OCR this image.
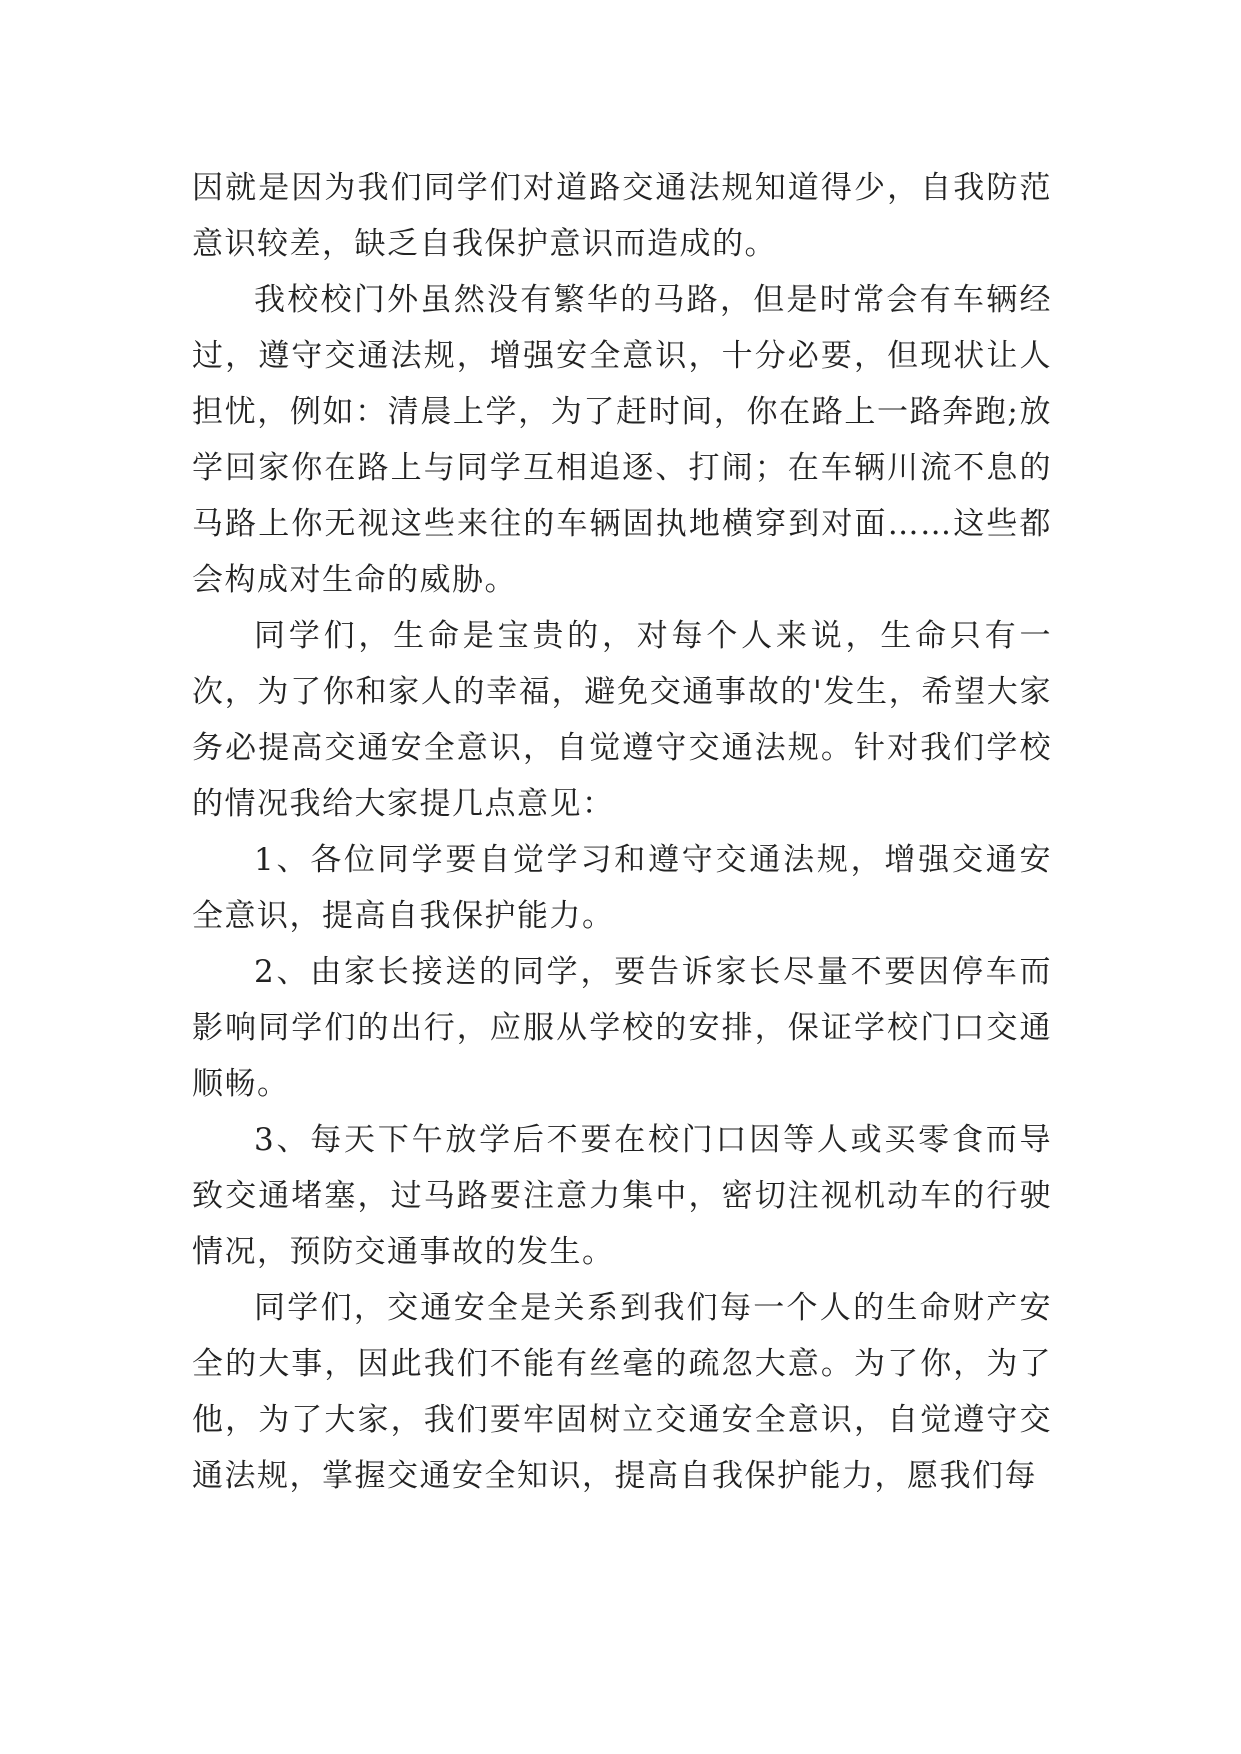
因就是因为我们同学们对道路交通法规知道得少，自我防范意识较差，缺乏自我保护意识而造成的。

我校校门外虽然没有繁华的马路，但是时常会有车辆经过，遵守交通法规，增强安全意识，十分必要，但现状让人担忧，例如：清晨上学，为了赶时间，你在路上一路奔跑;放学回家你在路上与同学互相追逐、打闹；在车辆川流不息的马路上你无视这些来往的车辆固执地横穿到对面……这些都会构成对生命的威胁。

同学们，生命是宝贵的，对每个人来说，生命只有一次，为了你和家人的幸福，避免交通事故的'发生，希望大家务必提高交通安全意识，自觉遵守交通法规。针对我们学校的情况我给大家提几点意见：

1、各位同学要自觉学习和遵守交通法规，增强交通安全意识，提高自我保护能力。

2、由家长接送的同学，要告诉家长尽量不要因停车而影响同学们的出行，应服从学校的安排，保证学校门口交通顺畅。

3、每天下午放学后不要在校门口因等人或买零食而导致交通堵塞，过马路要注意力集中，密切注视机动车的行驶情况，预防交通事故的发生。

同学们，交通安全是关系到我们每一个人的生命财产安全的大事，因此我们不能有丝毫的疏忽大意。为了你，为了他，为了大家，我们要牢固树立交通安全意识，自觉遵守交通法规，掌握交通安全知识，提高自我保护能力，愿我们每
